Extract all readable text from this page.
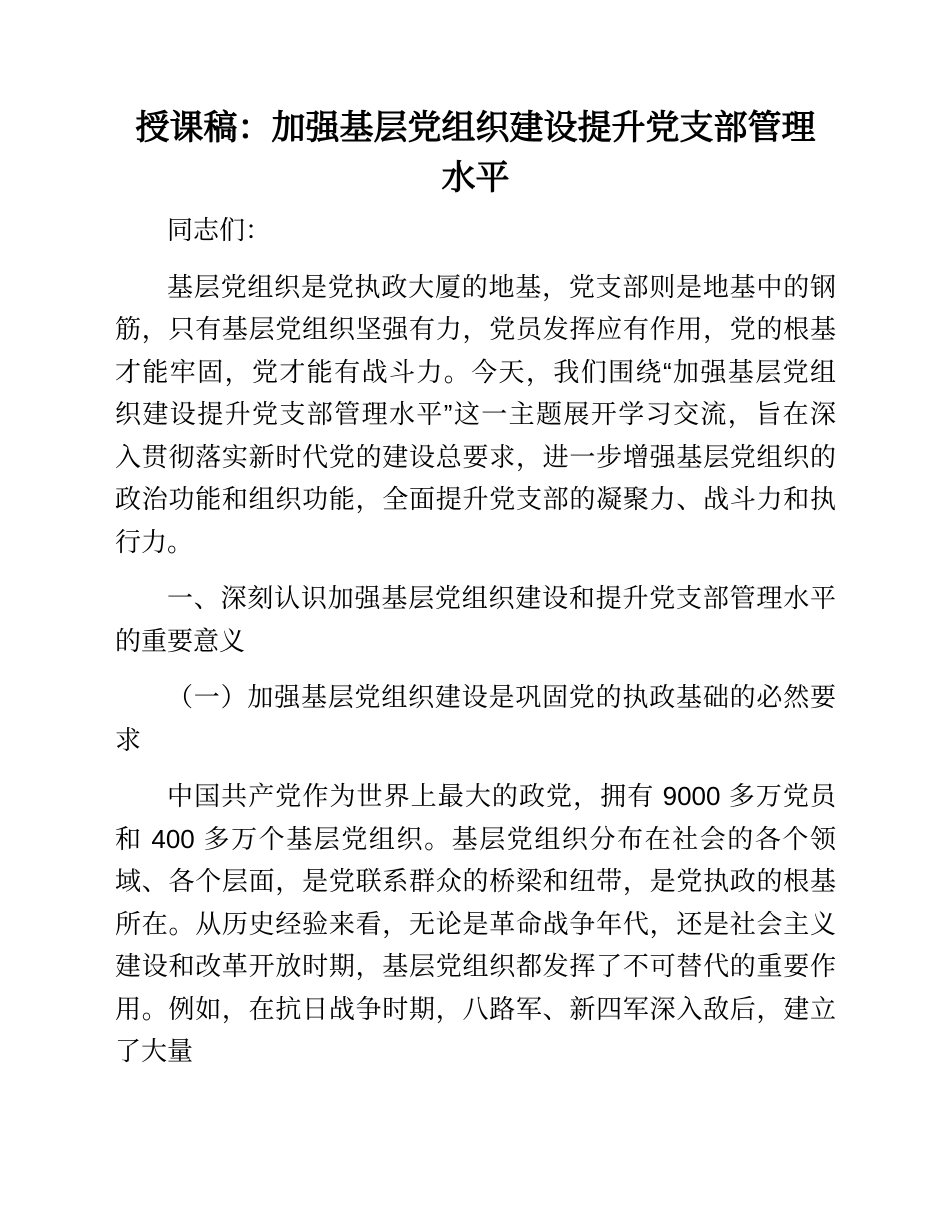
授课稿：加强基层党组织建设提升党支部管理
水平
同志们：
基层党组织是党执政大厦的地基，党支部则是地基中的钢
筋，只有基层党组织坚强有力，党员发挥应有作用，党的根基
才能牢固，党才能有战斗力。今天，我们围绕“加强基层党组
织建设提升党支部管理水平”这一主题展开学习交流，旨在深
入贯彻落实新时代党的建设总要求，进一步增强基层党组织的
政治功能和组织功能，全面提升党支部的凝聚力、战斗力和执
行力。
一、深刻认识加强基层党组织建设和提升党支部管理水平
的重要意义
（一）加强基层党组织建设是巩固党的执政基础的必然要
求
中国共产党作为世界上最大的政党，拥有 9000 多万党员
和 400 多万个基层党组织。基层党组织分布在社会的各个领
域、各个层面，是党联系群众的桥梁和纽带，是党执政的根基
所在。从历史经验来看，无论是革命战争年代，还是社会主义
建设和改革开放时期，基层党组织都发挥了不可替代的重要作
用。例如，在抗日战争时期，八路军、新四军深入敌后，建立
了大量
